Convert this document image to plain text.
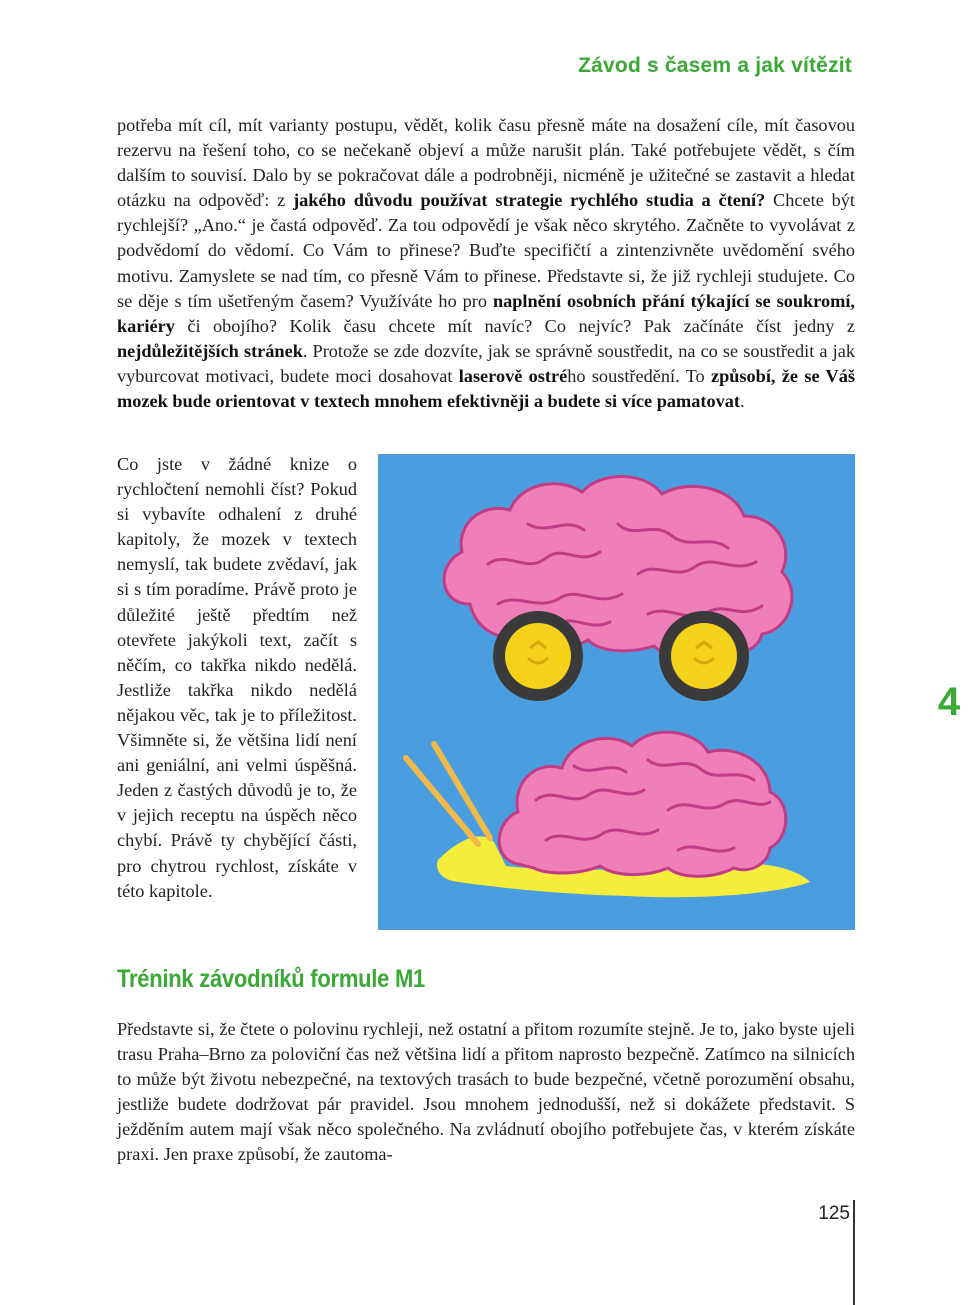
Závod s časem a jak vítězit

potřeba mít cíl, mít varianty postupu, vědět, kolik času přesně máte na dosažení cíle, mít časovou rezervu na řešení toho, co se nečekaně objeví a může narušit plán. Také potřebujete vědět, s čím dalším to souvisí. Dalo by se pokračovat dále a podrobněji, nicméně je užitečné se zastavit a hledat otázku na odpověď: z jakého důvodu používat strategie rychlého studia a čtení? Chcete být rychlejší? „Ano.“ je častá odpověď. Za tou odpovědí je však něco skrytého. Začněte to vyvolávat z podvědomí do vědomí. Co Vám to přinese? Buďte specifičtí a zintenzivněte uvědomění svého motivu. Zamyslete se nad tím, co přesně Vám to přinese. Představte si, že již rychleji studujete. Co se děje s tím ušetřeným časem? Využíváte ho pro naplnění osobních přání týkající se soukromí, kariéry či obojího? Kolik času chcete mít navíc? Co nejvíc? Pak začínáte číst jedny z nejdůležitějších stránek. Protože se zde dozvíte, jak se správně soustředit, na co se soustředit a jak vyburcovat motivaci, budete moci dosahovat laserově ostrého soustředění. To způsobí, že se Váš mozek bude orientovat v textech mnohem efektivněji a budete si více pamatovat.

Co jste v žádné knize o rychločtení nemohli číst? Pokud si vybavíte odhalení z druhé kapitoly, že mozek v textech nemyslí, tak budete zvědaví, jak si s tím poradíme. Právě proto je důležité ještě předtím než otevřete jakýkoli text, začít s něčím, co takřka nikdo nedělá. Jestliže takřka nikdo nedělá nějakou věc, tak je to příležitost. Všimněte si, že většina lidí není ani geniální, ani velmi úspěšná. Jeden z častých důvodů je to, že v jejich receptu na úspěch něco chybí. Právě ty chybějící části, pro chytrou rychlost, získáte v této kapitole.

Trénink závodníků formule M1

Představte si, že čtete o polovinu rychleji, než ostatní a přitom rozumíte stejně. Je to, jako byste ujeli trasu Praha–Brno za poloviční čas než většina lidí a přitom naprosto bezpečně. Zatímco na silnicích to může být životu nebezpečné, na textových trasách to bude bezpečné, včetně porozumění obsahu, jestliže budete dodržovat pár pravidel. Jsou mnohem jednodušší, než si dokážete představit. S ježděním autem mají však něco společného. Na zvládnutí obojího potřebujete čas, v kterém získáte praxi. Jen praxe způsobí, že zautoma-

4
125
